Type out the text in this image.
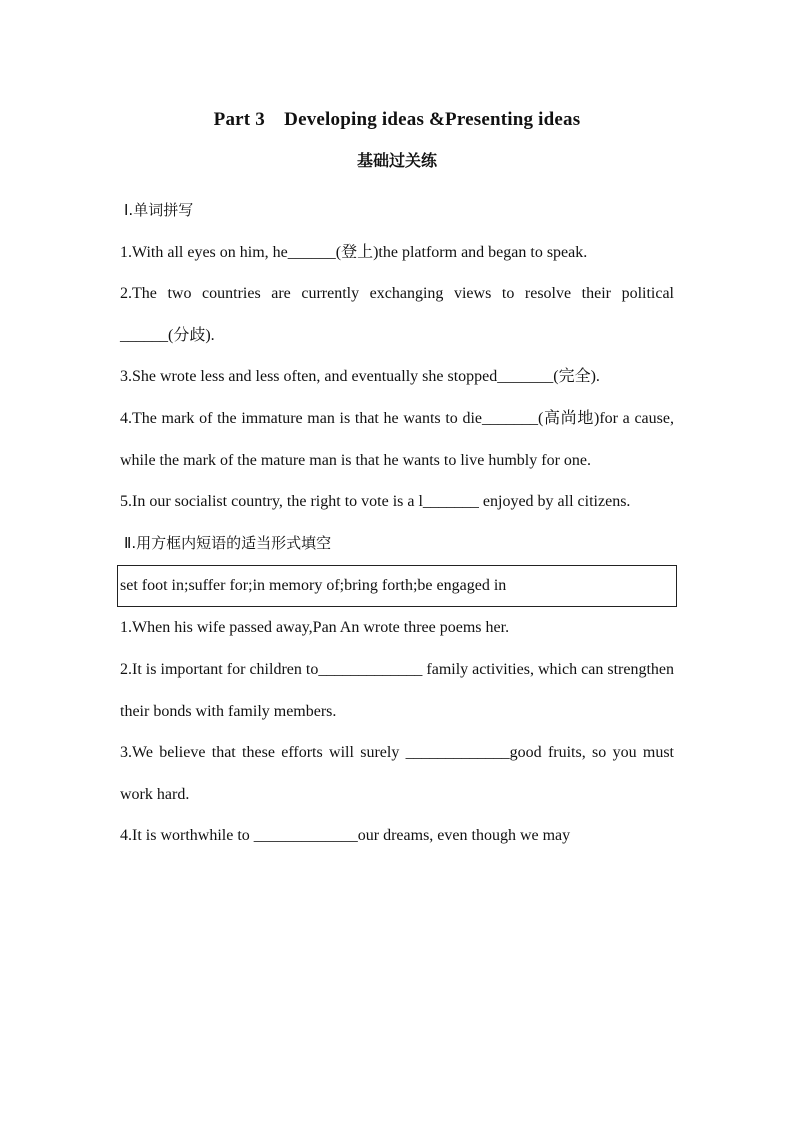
Part 3　Developing ideas &Presenting ideas
基础过关练
Ⅰ.单词拼写

1.With all eyes on him, he______(登上)the platform and began to speak.

2.The two countries are currently exchanging views to resolve their political ______(分歧).

3.She wrote less and less often, and eventually she stopped_______(完全).

4.The mark of the immature man is that he wants to die_______(高尚地)for a cause, while the mark of the mature man is that he wants to live humbly for one.

5.In our socialist country, the right to vote is a l_______ enjoyed by all citizens.

Ⅱ.用方框内短语的适当形式填空
set foot in;suffer for;in memory of;bring forth;be engaged in

1.When his wife passed away,Pan An wrote three poems her.

2.It is important for children to_____________ family activities, which can strengthen their bonds with family members.

3.We believe that these efforts will surely _____________good fruits, so you must work hard.

4.It is worthwhile to _____________our dreams, even though we may
